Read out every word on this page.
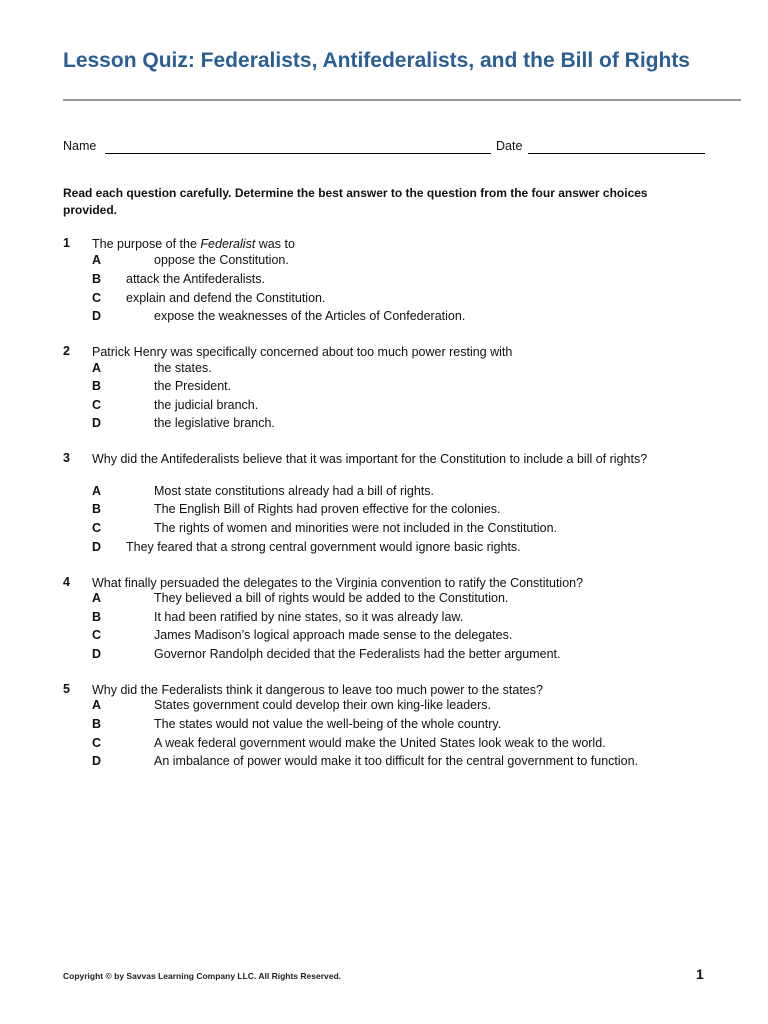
Lesson Quiz: Federalists, Antifederalists, and the Bill of Rights
Name	Date

Read each question carefully. Determine the best answer to the question from the four answer choices provided.

1 The purpose of the Federalist was to
A	oppose the Constitution.
B attack the Antifederalists.
C explain and defend the Constitution.
D	expose the weaknesses of the Articles of Confederation.
2 Patrick Henry was specifically concerned about too much power resting with
A	the states.
B	the President.
C	the judicial branch.
D	the legislative branch.
3 Why did the Antifederalists believe that it was important for the Constitution to include a bill of rights?
A	Most state constitutions already had a bill of rights.
B	The English Bill of Rights had proven effective for the colonies.
C	The rights of women and minorities were not included in the Constitution.
D They feared that a strong central government would ignore basic rights.
4 What finally persuaded the delegates to the Virginia convention to ratify the Constitution?
A	They believed a bill of rights would be added to the Constitution.
B	It had been ratified by nine states, so it was already law.
C	James Madison’s logical approach made sense to the delegates.
D	Governor Randolph decided that the Federalists had the better argument.
5 Why did the Federalists think it dangerous to leave too much power to the states?
A	States government could develop their own king-like leaders.
B	The states would not value the well-being of the whole country.
C	A weak federal government would make the United States look weak to the world.
D	An imbalance of power would make it too difficult for the central government to function.
Copyright © by Savvas Learning Company LLC. All Rights Reserved.	1
